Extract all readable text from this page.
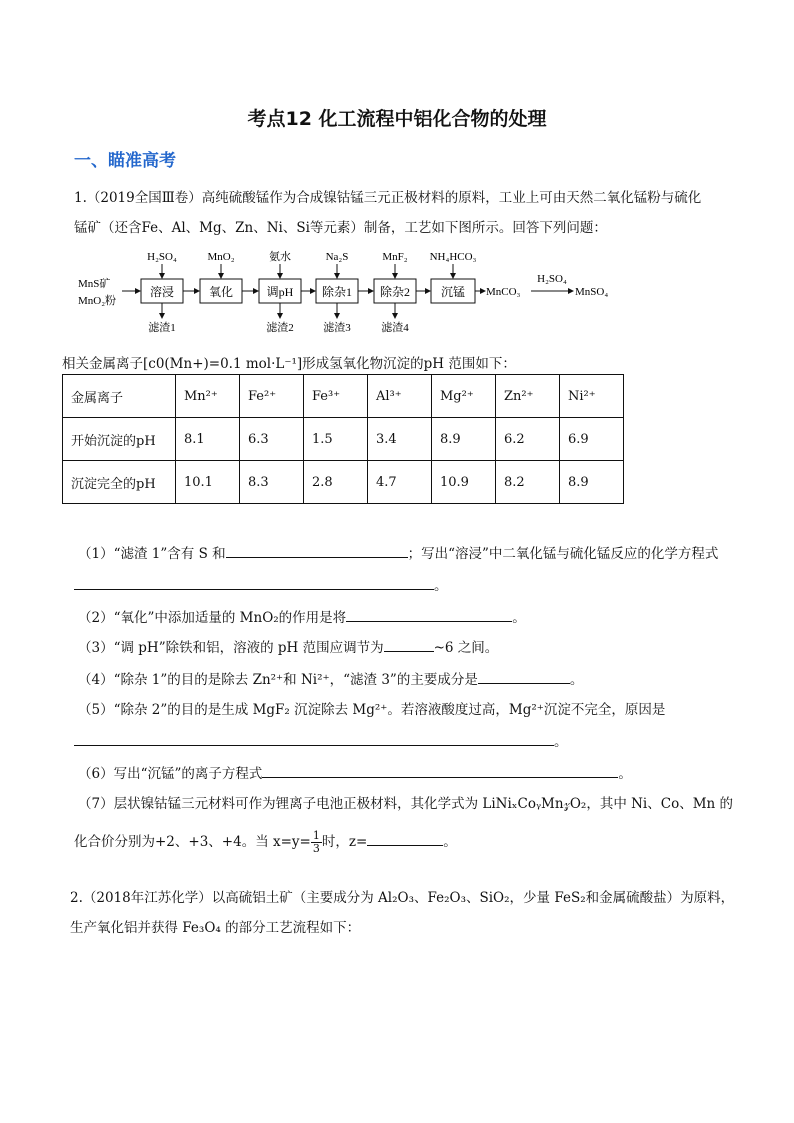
考点12 化工流程中铝化合物的处理
一、瞄准高考
1.（2019全国Ⅲ卷）高纯硫酸锰作为合成镍钴锰三元正极材料的原料，工业上可由天然二氧化锰粉与硫化
锰矿（还含Fe、Al、Mg、Zn、Ni、Si等元素）制备，工艺如下图所示。回答下列问题：
MnS矿
MnO₂粉
溶浸
H₂SO₄
滤渣1
氧化
MnO₂
调pH
氨水
滤渣2
除杂1
Na₂S
滤渣3
除杂2
MnF₂
滤渣4
沉锰
NH₄HCO₃
MnCO₃
H₂SO₄
MnSO₄
相关金属离子[c0(Mn+)=0.1 mol·L⁻¹]形成氢氧化物沉淀的pH 范围如下：
金属离子	Mn²⁺	Fe²⁺	Fe³⁺	Al³⁺	Mg²⁺	Zn²⁺	Ni²⁺
开始沉淀的pH	8.1	6.3	1.5	3.4	8.9	6.2	6.9
沉淀完全的pH	10.1	8.3	2.8	4.7	10.9	8.2	8.9
（1）“滤渣 1”含有 S 和	；写出“溶浸”中二氧化锰与硫化锰反应的化学方程式
。
（2）“氧化”中添加适量的 MnO₂的作用是将	。
（3）“调 pH”除铁和铝，溶液的 pH 范围应调节为	~6 之间。
（4）“除杂 1”的目的是除去 Zn²⁺和 Ni²⁺，“滤渣 3”的主要成分是	。
（5）“除杂 2”的目的是生成 MgF₂ 沉淀除去 Mg²⁺。若溶液酸度过高，Mg²⁺沉淀不完全，原因是
。
（6）写出“沉锰”的离子方程式	。
（7）层状镍钴锰三元材料可作为锂离子电池正极材料，其化学式为 LiNiₓCoᵧMn𝓏O₂，其中 Ni、Co、Mn 的
化合价分别为+2、+3、+4。当 $x=y= \frac{1}{3}$ 时，z=	。
2.（2018年江苏化学）以高硫铝土矿（主要成分为 Al₂O₃、Fe₂O₃、SiO₂，少量 FeS₂和金属硫酸盐）为原料，
生产氧化铝并获得 Fe₃O₄ 的部分工艺流程如下：
